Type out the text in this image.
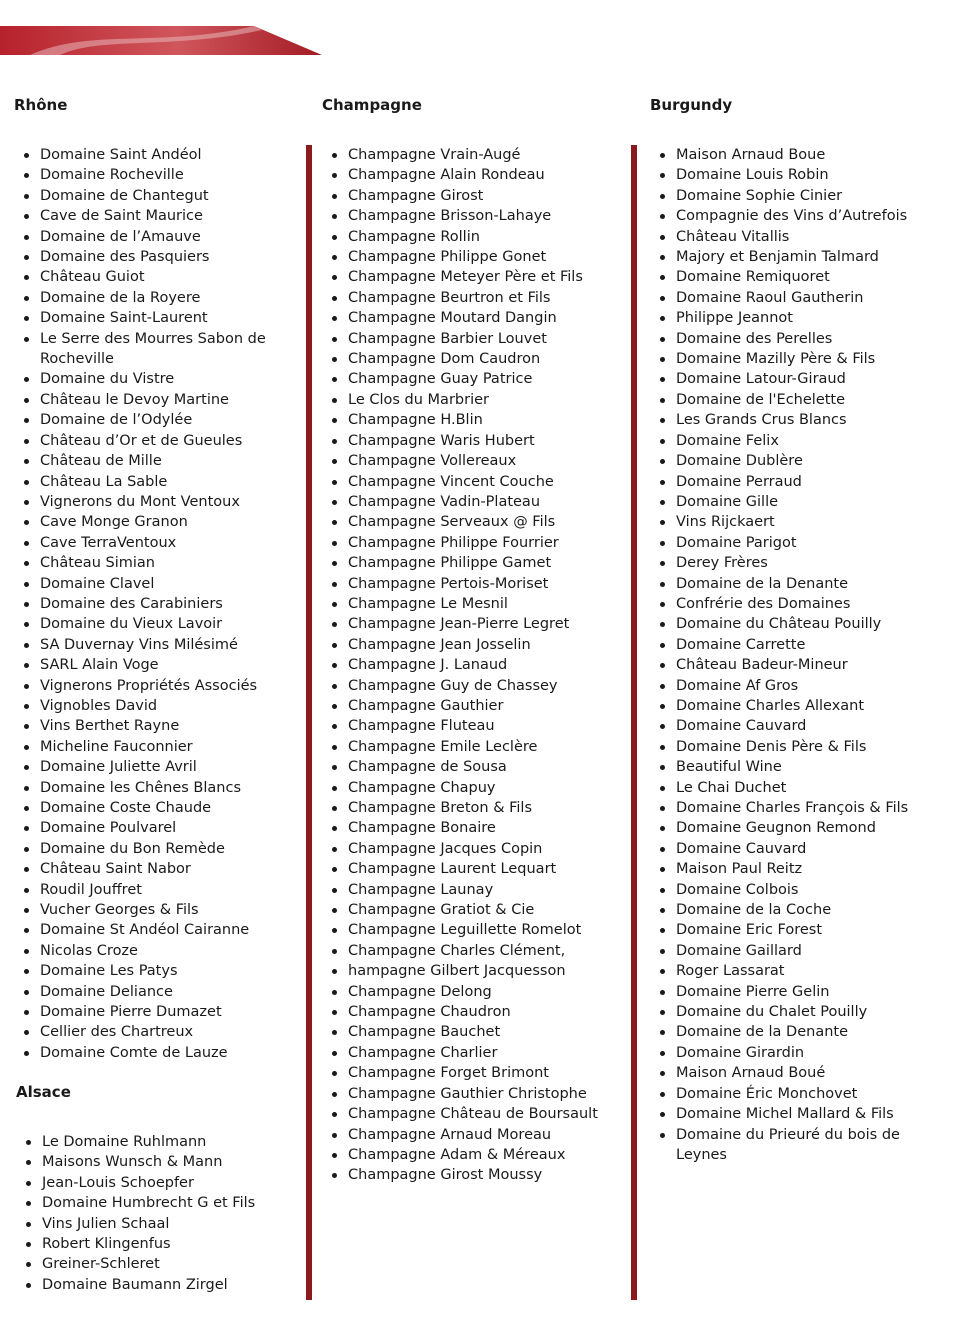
Rhône
Domaine Saint Andéol
Domaine Rocheville
Domaine de Chantegut
Cave de Saint Maurice
Domaine de l’Amauve
Domaine des Pasquiers
Château Guiot
Domaine de la Royere
Domaine Saint-Laurent
Le Serre des Mourres Sabon de Rocheville
Domaine du Vistre
Château le Devoy Martine
Domaine de l’Odylée
Château d’Or et de Gueules
Château de Mille
Château La Sable
Vignerons du Mont Ventoux
Cave Monge Granon
Cave TerraVentoux
Château Simian
Domaine Clavel
Domaine des Carabiniers
Domaine du Vieux Lavoir
SA Duvernay Vins Milésimé
SARL Alain Voge
Vignerons Propriétés Associés
Vignobles David
Vins Berthet Rayne
Micheline Fauconnier
Domaine Juliette Avril
Domaine les Chênes Blancs
Domaine Coste Chaude
Domaine Poulvarel
Domaine du Bon Remède
Château Saint Nabor
Roudil Jouffret
Vucher Georges & Fils
Domaine St Andéol Cairanne
Nicolas Croze
Domaine Les Patys
Domaine Deliance
Domaine Pierre Dumazet
Cellier des Chartreux
Domaine Comte de Lauze
Alsace
Le Domaine Ruhlmann
Maisons Wunsch & Mann
Jean-Louis Schoepfer
Domaine Humbrecht G et Fils
Vins Julien Schaal
Robert Klingenfus
Greiner-Schleret
Domaine Baumann Zirgel
Champagne
Champagne Vrain-Augé
Champagne Alain Rondeau
Champagne Girost
Champagne Brisson-Lahaye
Champagne Rollin
Champagne Philippe Gonet
Champagne Meteyer Père et Fils
Champagne Beurtron et Fils
Champagne Moutard Dangin
Champagne Barbier Louvet
Champagne Dom Caudron
Champagne Guay Patrice
Le Clos du Marbrier
Champagne H.Blin
Champagne Waris Hubert
Champagne Vollereaux
Champagne Vincent Couche
Champagne Vadin-Plateau
Champagne Serveaux @ Fils
Champagne Philippe Fourrier
Champagne Philippe Gamet
Champagne Pertois-Moriset
Champagne Le Mesnil
Champagne Jean-Pierre Legret
Champagne Jean Josselin
Champagne J. Lanaud
Champagne Guy de Chassey
Champagne Gauthier
Champagne Fluteau
Champagne Emile Leclère
Champagne de Sousa
Champagne Chapuy
Champagne Breton & Fils
Champagne Bonaire
Champagne Jacques Copin
Champagne Laurent Lequart
Champagne Launay
Champagne Gratiot & Cie
Champagne Leguillette Romelot
Champagne Charles Clément,
hampagne Gilbert Jacquesson
Champagne Delong
Champagne Chaudron
Champagne Bauchet
Champagne Charlier
Champagne Forget Brimont
Champagne Gauthier Christophe
Champagne Château de Boursault
Champagne Arnaud Moreau
Champagne Adam & Méreaux
Champagne Girost Moussy
Burgundy
Maison Arnaud Boue
Domaine Louis Robin
Domaine Sophie Cinier
Compagnie des Vins d’Autrefois
Château Vitallis
Majory et Benjamin Talmard
Domaine Remiquoret
Domaine Raoul Gautherin
Philippe Jeannot
Domaine des Perelles
Domaine Mazilly Père & Fils
Domaine Latour-Giraud
Domaine de l'Echelette
Les Grands Crus Blancs
Domaine Felix
Domaine Dublère
Domaine Perraud
Domaine Gille
Vins Rijckaert
Domaine Parigot
Derey Frères
Domaine de la Denante
Confrérie des Domaines
Domaine du Château Pouilly
Domaine Carrette
Château Badeur-Mineur
Domaine Af Gros
Domaine Charles Allexant
Domaine Cauvard
Domaine Denis Père & Fils
Beautiful Wine
Le Chai Duchet
Domaine Charles François & Fils
Domaine Geugnon Remond
Domaine Cauvard
Maison Paul Reitz
Domaine Colbois
Domaine de la Coche
Domaine Eric Forest
Domaine Gaillard
Roger Lassarat
Domaine Pierre Gelin
Domaine du Chalet Pouilly
Domaine de la Denante
Domaine Girardin
Maison Arnaud Boué
Domaine Éric Monchovet
Domaine Michel Mallard & Fils
Domaine du Prieuré du bois de Leynes
